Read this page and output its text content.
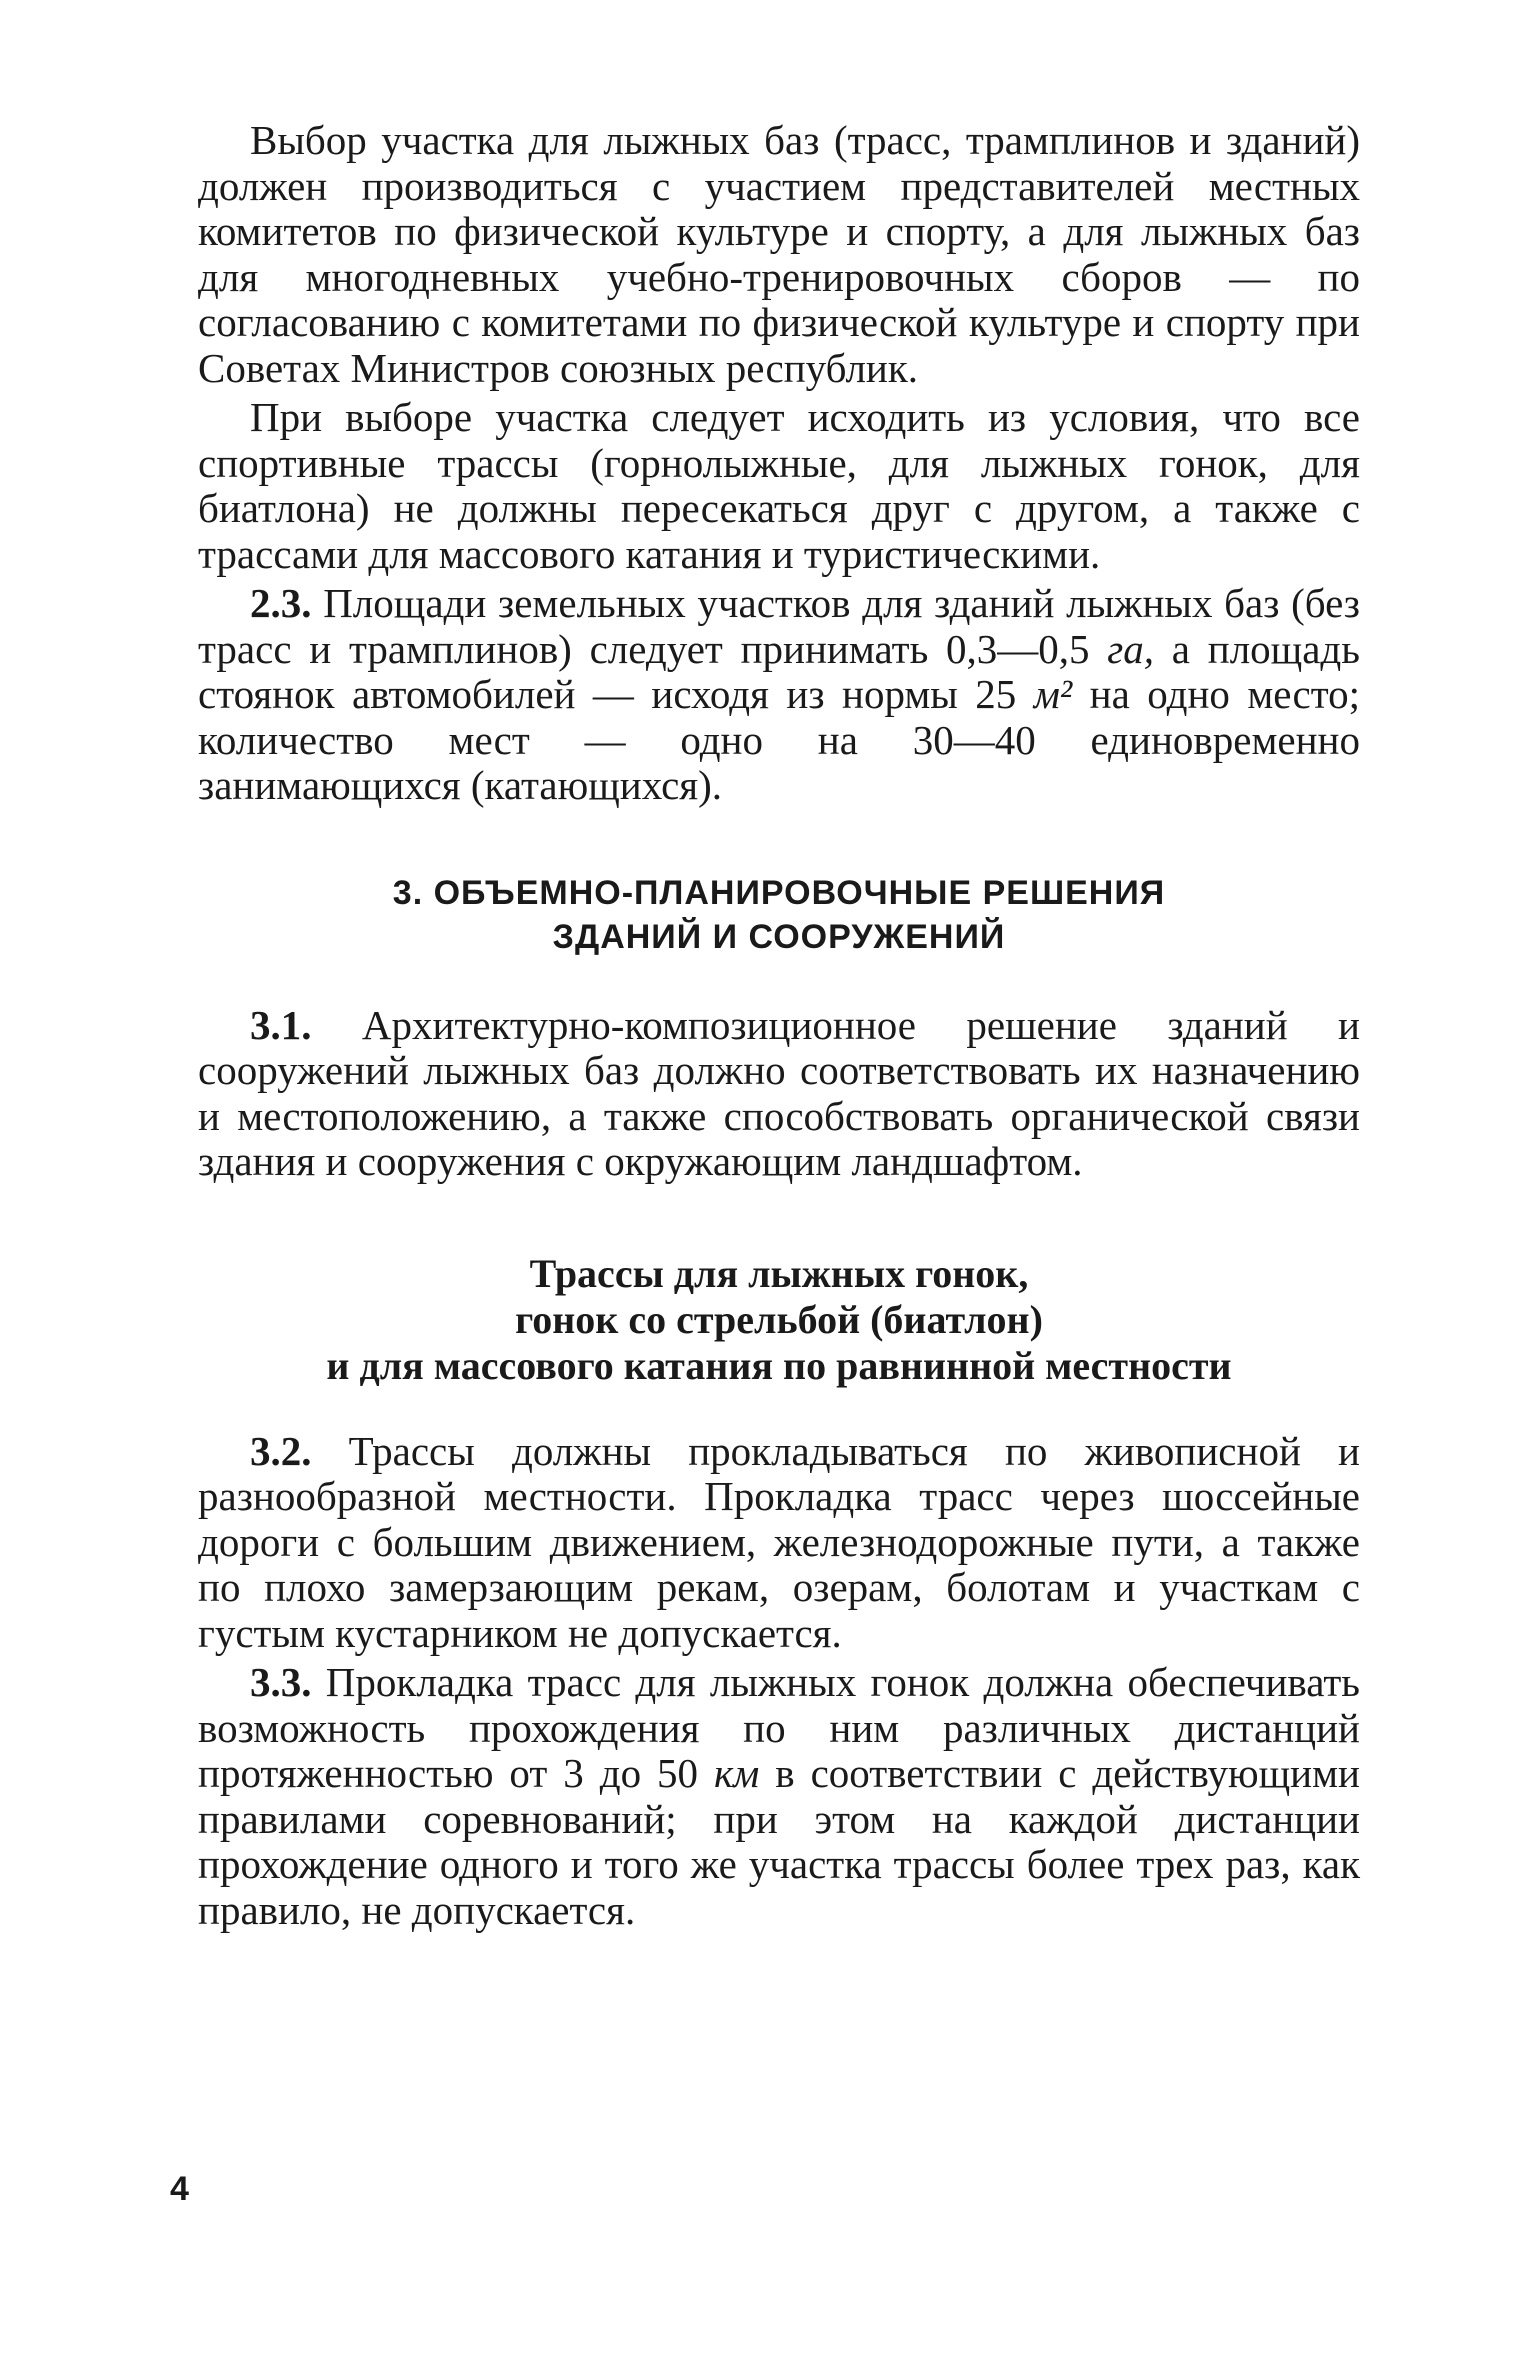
Выбор участка для лыжных баз (трасс, трамплинов и зданий) должен производиться с участием представителей местных комитетов по физической культуре и спорту, а для лыжных баз для многодневных учебно-тренировочных сборов — по согласованию с комитетами по физической культуре и спорту при Советах Министров союзных республик.

При выборе участка следует исходить из условия, что все спортивные трассы (горнолыжные, для лыжных гонок, для биатлона) не должны пересекаться друг с другом, а также с трассами для массового катания и туристическими.

2.3. Площади земельных участков для зданий лыжных баз (без трасс и трамплинов) следует принимать 0,3—0,5 га, а площадь стоянок автомобилей — исходя из нормы 25 м² на одно место; количество мест — одно на 30—40 единовременно занимающихся (катающихся).

3. ОБЪЕМНО-ПЛАНИРОВОЧНЫЕ РЕШЕНИЯ
ЗДАНИЙ И СООРУЖЕНИЙ

3.1. Архитектурно-композиционное решение зданий и сооружений лыжных баз должно соответствовать их назначению и местоположению, а также способствовать органической связи здания и сооружения с окружающим ландшафтом.

Трассы для лыжных гонок,
гонок со стрельбой (биатлон)
и для массового катания по равнинной местности

3.2. Трассы должны прокладываться по живописной и разнообразной местности. Прокладка трасс через шоссейные дороги с большим движением, железнодорожные пути, а также по плохо замерзающим рекам, озерам, болотам и участкам с густым кустарником не допускается.

3.3. Прокладка трасс для лыжных гонок должна обеспечивать возможность прохождения по ним различных дистанций протяженностью от 3 до 50 км в соответствии с действующими правилами соревнований; при этом на каждой дистанции прохождение одного и того же участка трассы более трех раз, как правило, не допускается.

4
